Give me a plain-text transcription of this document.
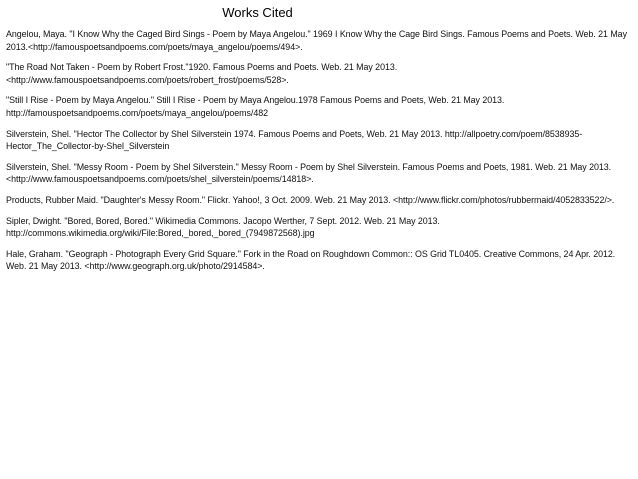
Works Cited
Angelou, Maya. "I Know Why the Caged Bird Sings - Poem by Maya Angelou." 1969 I Know Why the Cage Bird Sings. Famous Poems and Poets. Web. 21 May 2013.<http://famouspoetsandpoems.com/poets/maya_angelou/poems/494>.
"The Road Not Taken - Poem by Robert Frost."1920. Famous Poems and Poets. Web. 21 May 2013. <http://www.famouspoetsandpoems.com/poets/robert_frost/poems/528>.
"Still I Rise - Poem by Maya Angelou." Still I Rise - Poem by Maya Angelou.1978 Famous Poems and Poets, Web. 21 May 2013. http://famouspoetsandpoems.com/poets/maya_angelou/poems/482
Silverstein, Shel. "Hector The Collector by Shel Silverstein 1974. Famous Poems and Poets, Web. 21 May 2013. http://allpoetry.com/poem/8538935-Hector_The_Collector-by-Shel_Silverstein
Silverstein, Shel. "Messy Room - Poem by Shel Silverstein." Messy Room - Poem by Shel Silverstein. Famous Poems and Poets, 1981. Web. 21 May 2013. <http://www.famouspoetsandpoems.com/poets/shel_silverstein/poems/14818>.
Products, Rubber Maid. "Daughter's Messy Room." Flickr. Yahoo!, 3 Oct. 2009. Web. 21 May 2013. <http://www.flickr.com/photos/rubbermaid/4052833522/>.
Sipler, Dwight. "Bored, Bored, Bored." Wikimedia Commons. Jacopo Werther, 7 Sept. 2012. Web. 21 May 2013. http://commons.wikimedia.org/wiki/File:Bored,_bored,_bored_(7949872568).jpg
Hale, Graham. "Geograph - Photograph Every Grid Square." Fork in the Road on Roughdown Common:: OS Grid TL0405. Creative Commons, 24 Apr. 2012. Web. 21 May 2013. <http://www.geograph.org.uk/photo/2914584>.
